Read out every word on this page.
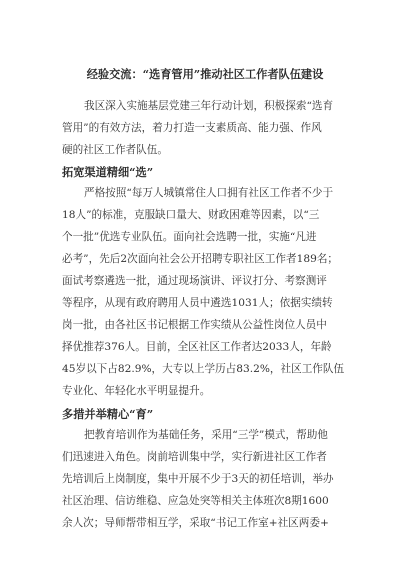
经验交流：“选育管用”推动社区工作者队伍建设
我区深入实施基层党建三年行动计划，积极探索“选育
管用”的有效方法，着力打造一支素质高、能力强、作风
硬的社区工作者队伍。
拓宽渠道精细“选”
严格按照“每万人城镇常住人口拥有社区工作者不少于
18人”的标准，克服缺口量大、财政困难等因素，以“三
个一批”优选专业队伍。面向社会选聘一批，实施“凡进
必考”，先后2次面向社会公开招聘专职社区工作者189名；
面试考察遴选一批，通过现场演讲、评议打分、考察测评
等程序，从现有政府聘用人员中遴选1031人；依据实绩转
岗一批，由各社区书记根据工作实绩从公益性岗位人员中
择优推荐376人。目前，全区社区工作者达2033人，年龄
45岁以下占82.9%，大专以上学历占83.2%，社区工作队伍
专业化、年轻化水平明显提升。
多措并举精心“育”
把教育培训作为基础任务，采用“三学”模式，帮助他
们迅速进入角色。岗前培训集中学，实行新进社区工作者
先培训后上岗制度，集中开展不少于3天的初任培训，举办
社区治理、信访维稳、应急处突等相关主体班次8期1600
余人次；导师帮带相互学，采取“书记工作室+社区两委+
